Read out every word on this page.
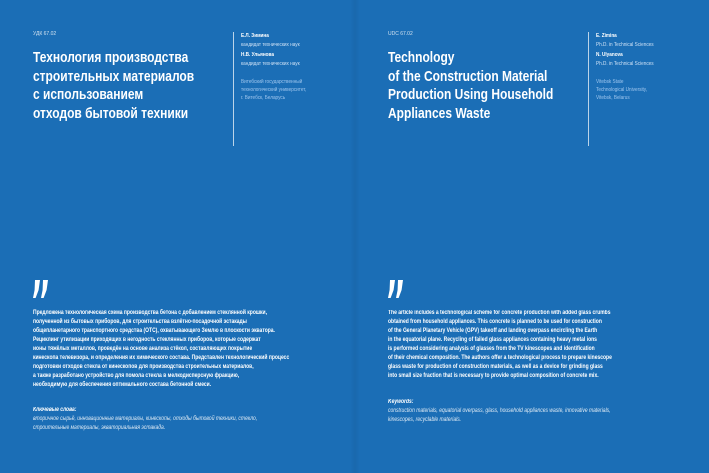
УДК 67.02
Технология производства
строительных материалов
с использованием
отходов бытовой техники
Е.Л. Зимина
кандидат технических наук
Н.В. Ульянова
кандидат технических наук
Витебский государственный
технологический университет,
г. Витебск, Беларусь
Предложена технологическая схема производства бетона с добавлением стеклянной крошки,
полученной из бытовых приборов, для строительства взлётно-посадочной эстакады
общепланетарного транспортного средства (ОТС), охватывающего Землю в плоскости экватора.
Рециклинг утилизации приходящих в негодность стеклянных приборов, которые содержат
ионы тяжёлых металлов, проведён на основе анализа стёкол, составляющих покрытие
кинескопа телевизора, и определения их химического состава. Представлен технологический процесс
подготовки отходов стекла от кинескопов для производства строительных материалов,
а также разработано устройство для помола стекла в мелкодисперсную фракцию,
необходимую для обеспечения оптимального состава бетонной смеси.
Ключевые слова:
вторичное сырьё, инновационные материалы, кинескопы, отходы бытовой техники, стекло,
строительные материалы, экваториальная эстакада.
UDC 67.02
Technology
of the Construction Material
Production Using Household
Appliances Waste
E. Zimina
Ph.D. in Technical Sciences
N. Ulyanova
Ph.D. in Technical Sciences
Vitebsk State
Technological University,
Vitebsk, Belarus
The article includes a technological scheme for concrete production with added glass crumbs
obtained from household appliances. This concrete is planned to be used for construction
of the General Planetary Vehicle (GPV) takeoff and landing overpass encircling the Earth
in the equatorial plane. Recycling of failed glass appliances containing heavy metal ions
is performed considering analysis of glasses from the TV kinescopes and identification
of their chemical composition. The authors offer a technological process to prepare kinescope
glass waste for production of construction materials, as well as a device for grinding glass
into small size fraction that is necessary to provide optimal composition of concrete mix.
Keywords:
construction materials, equatorial overpass, glass, household appliances waste, innovative materials,
kinescopes, recyclable materials.
